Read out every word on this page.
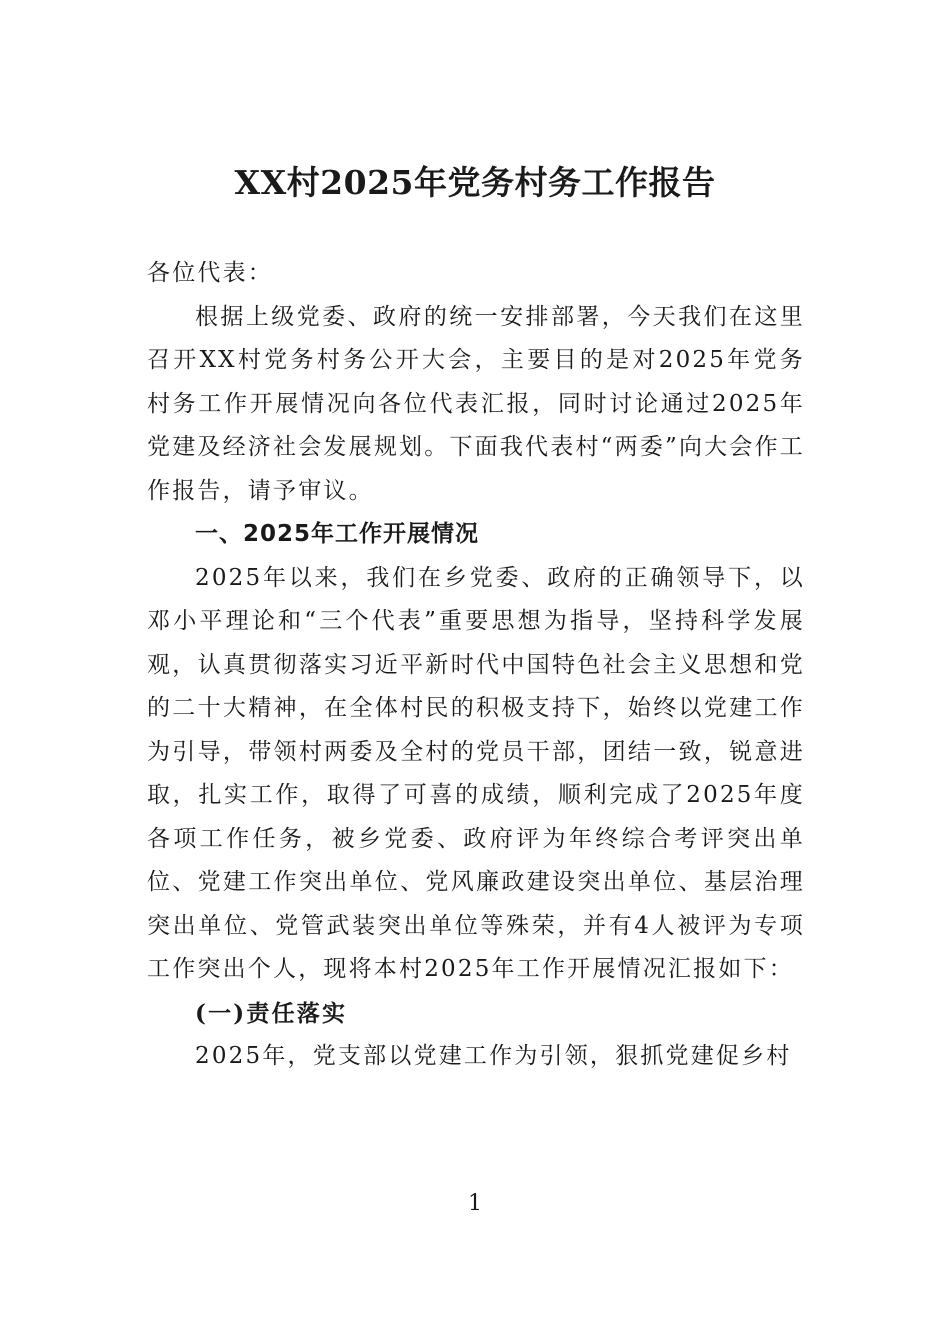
XX村2025年党务村务工作报告

各位代表：

根据上级党委、政府的统一安排部署，今天我们在这里召开XX村党务村务公开大会，主要目的是对2025年党务村务工作开展情况向各位代表汇报，同时讨论通过2025年党建及经济社会发展规划。下面我代表村“两委”向大会作工作报告，请予审议。

一、2025年工作开展情况

2025年以来，我们在乡党委、政府的正确领导下，以邓小平理论和“三个代表”重要思想为指导，坚持科学发展观，认真贯彻落实习近平新时代中国特色社会主义思想和党的二十大精神，在全体村民的积极支持下，始终以党建工作为引导，带领村两委及全村的党员干部，团结一致，锐意进取，扎实工作，取得了可喜的成绩，顺利完成了2025年度各项工作任务，被乡党委、政府评为年终综合考评突出单位、党建工作突出单位、党风廉政建设突出单位、基层治理突出单位、党管武装突出单位等殊荣，并有4人被评为专项工作突出个人，现将本村2025年工作开展情况汇报如下：

(一)责任落实

2025年，党支部以党建工作为引领，狠抓党建促乡村

1
